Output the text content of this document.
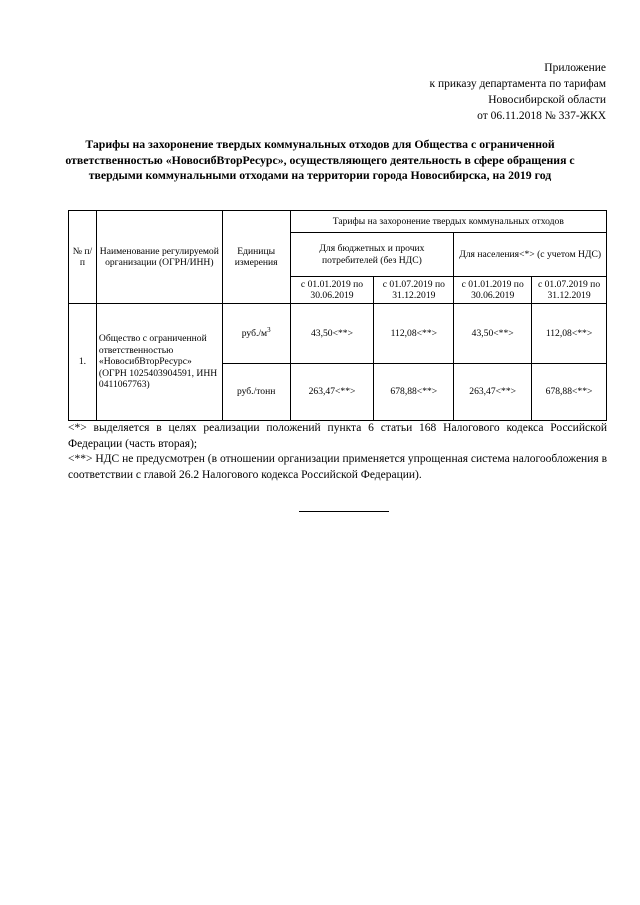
Приложение
к приказу департамента по тарифам
Новосибирской области
от 06.11.2018 № 337-ЖКХ
Тарифы на захоронение твердых коммунальных отходов для Общества с ограниченной ответственностью «НовосибВторРесурс», осуществляющего деятельность в сфере обращения с твердыми коммунальными отходами на территории города Новосибирска, на 2019 год
№ п/п	Наименование регулируемой организации (ОГРН/ИНН)	Единицы измерения	Тарифы на захоронение твердых коммунальных отходов			
			Для бюджетных и прочих потребителей (без НДС)		Для населения<*> (с учетом НДС)	
			с 01.01.2019 по 30.06.2019	с 01.07.2019 по 31.12.2019	с 01.01.2019 по 30.06.2019	с 01.07.2019 по 31.12.2019
1.	Общество с ограниченной ответственностью «НовосибВторРесурс» (ОГРН 1025403904591, ИНН 0411067763)	$руб./м^3$	43,50<**>	112,08<**>	43,50<**>	112,08<**>
		руб./тонн	263,47<**>	678,88<**>	263,47<**>	678,88<**>

<*> выделяется в целях реализации положений пункта 6 статьи 168 Налогового кодекса Российской Федерации (часть вторая);

<**> НДС не предусмотрен (в отношении организации применяется упрощенная система налогообложения в соответствии с главой 26.2 Налогового кодекса Российской Федерации).
